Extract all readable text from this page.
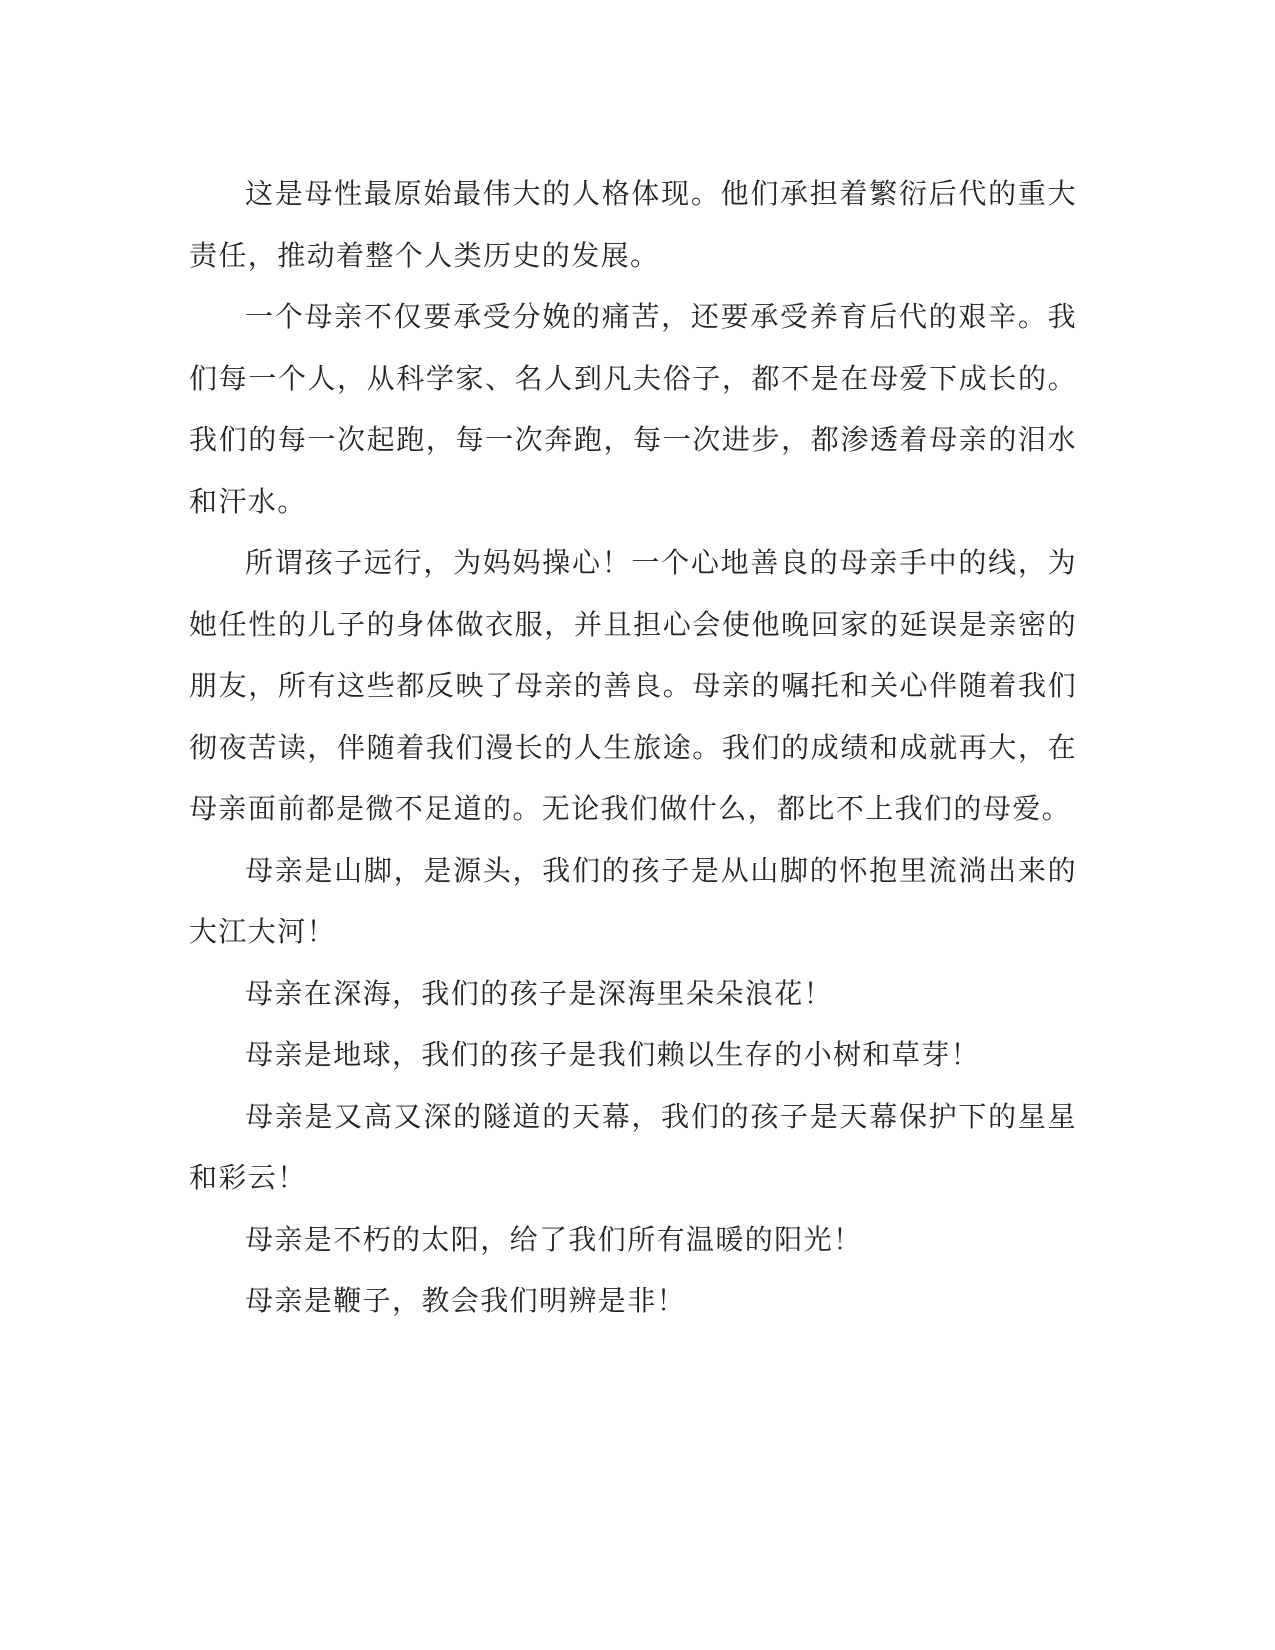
这是母性最原始最伟大的人格体现。他们承担着繁衍后代的重大责任，推动着整个人类历史的发展。

一个母亲不仅要承受分娩的痛苦，还要承受养育后代的艰辛。我们每一个人，从科学家、名人到凡夫俗子，都不是在母爱下成长的。我们的每一次起跑，每一次奔跑，每一次进步，都渗透着母亲的泪水和汗水。

所谓孩子远行，为妈妈操心！一个心地善良的母亲手中的线，为她任性的儿子的身体做衣服，并且担心会使他晚回家的延误是亲密的朋友，所有这些都反映了母亲的善良。母亲的嘱托和关心伴随着我们彻夜苦读，伴随着我们漫长的人生旅途。我们的成绩和成就再大，在母亲面前都是微不足道的。无论我们做什么，都比不上我们的母爱。

母亲是山脚，是源头，我们的孩子是从山脚的怀抱里流淌出来的大江大河！

母亲在深海，我们的孩子是深海里朵朵浪花！

母亲是地球，我们的孩子是我们赖以生存的小树和草芽！

母亲是又高又深的隧道的天幕，我们的孩子是天幕保护下的星星和彩云！

母亲是不朽的太阳，给了我们所有温暖的阳光！

母亲是鞭子，教会我们明辨是非！
